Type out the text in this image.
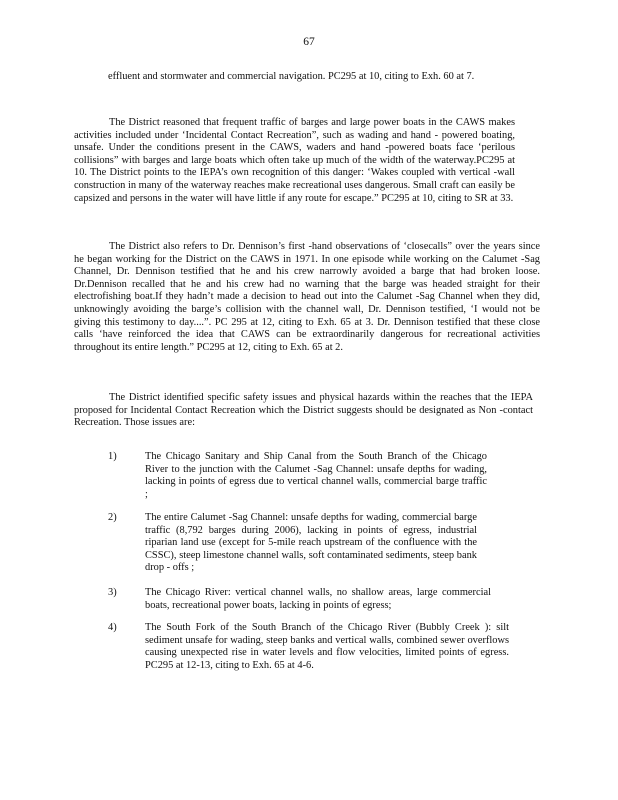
67

effluent and stormwater and commercial navigation. PC295 at 10, citing to Exh. 60 at 7.

The District reasoned that frequent traffic of barges and large power boats in the CAWS makes activities included under ‘Incidental Contact Recreation”, such as wading and hand - powered boating, unsafe. Under the conditions present in the CAWS, waders and hand -powered boats face ‘perilous collisions” with barges and large boats which often take up much of the width of the waterway.PC295 at 10. The District points to the IEPA’s own recognition of this danger: ‘Wakes coupled with vertical -wall construction in many of the waterway reaches make recreational uses dangerous. Small craft can easily be capsized and persons in the water will have little if any route for escape.” PC295 at 10, citing to SR at 33.

The District also refers to Dr. Dennison’s first -hand observations of ‘closecalls” over the years since he began working for the District on the CAWS in 1971. In one episode while working on the Calumet -Sag Channel, Dr. Dennison testified that he and his crew narrowly avoided a barge that had broken loose. Dr.Dennison recalled that he and his crew had no warning that the barge was headed straight for their electrofishing boat.If they hadn’t made a decision to head out into the Calumet -Sag Channel when they did, unknowingly avoiding the barge’s collision with the channel wall, Dr. Dennison testified, ‘I would not be giving this testimony to day....”. PC 295 at 12, citing to Exh. 65 at 3. Dr. Dennison testified that these close calls ‘have reinforced the idea that CAWS can be extraordinarily dangerous for recreational activities throughout its entire length.” PC295 at 12, citing to Exh. 65 at 2.

The District identified specific safety issues and physical hazards within the reaches that the IEPA proposed for Incidental Contact Recreation which the District suggests should be designated as Non -contact Recreation. Those issues are:

1)	The Chicago Sanitary and Ship Canal from the South Branch of the Chicago River to the junction with the Calumet -Sag Channel: unsafe depths for wading, lacking in points of egress due to vertical channel walls, commercial barge traffic ;

2)	The entire Calumet -Sag Channel: unsafe depths for wading, commercial barge traffic (8,792 barges during 2006), lacking in points of egress, industrial riparian land use (except for 5-mile reach upstream of the confluence with the CSSC), steep limestone channel walls, soft contaminated sediments, steep bank drop - offs ;

3)	The Chicago River: vertical channel walls, no shallow areas, large commercial boats, recreational power boats, lacking in points of egress;

4)	The South Fork of the South Branch of the Chicago River (Bubbly Creek ): silt sediment unsafe for wading, steep banks and vertical walls, combined sewer overflows causing unexpected rise in water levels and flow velocities, limited points of egress. PC295 at 12-13, citing to Exh. 65 at 4-6.
